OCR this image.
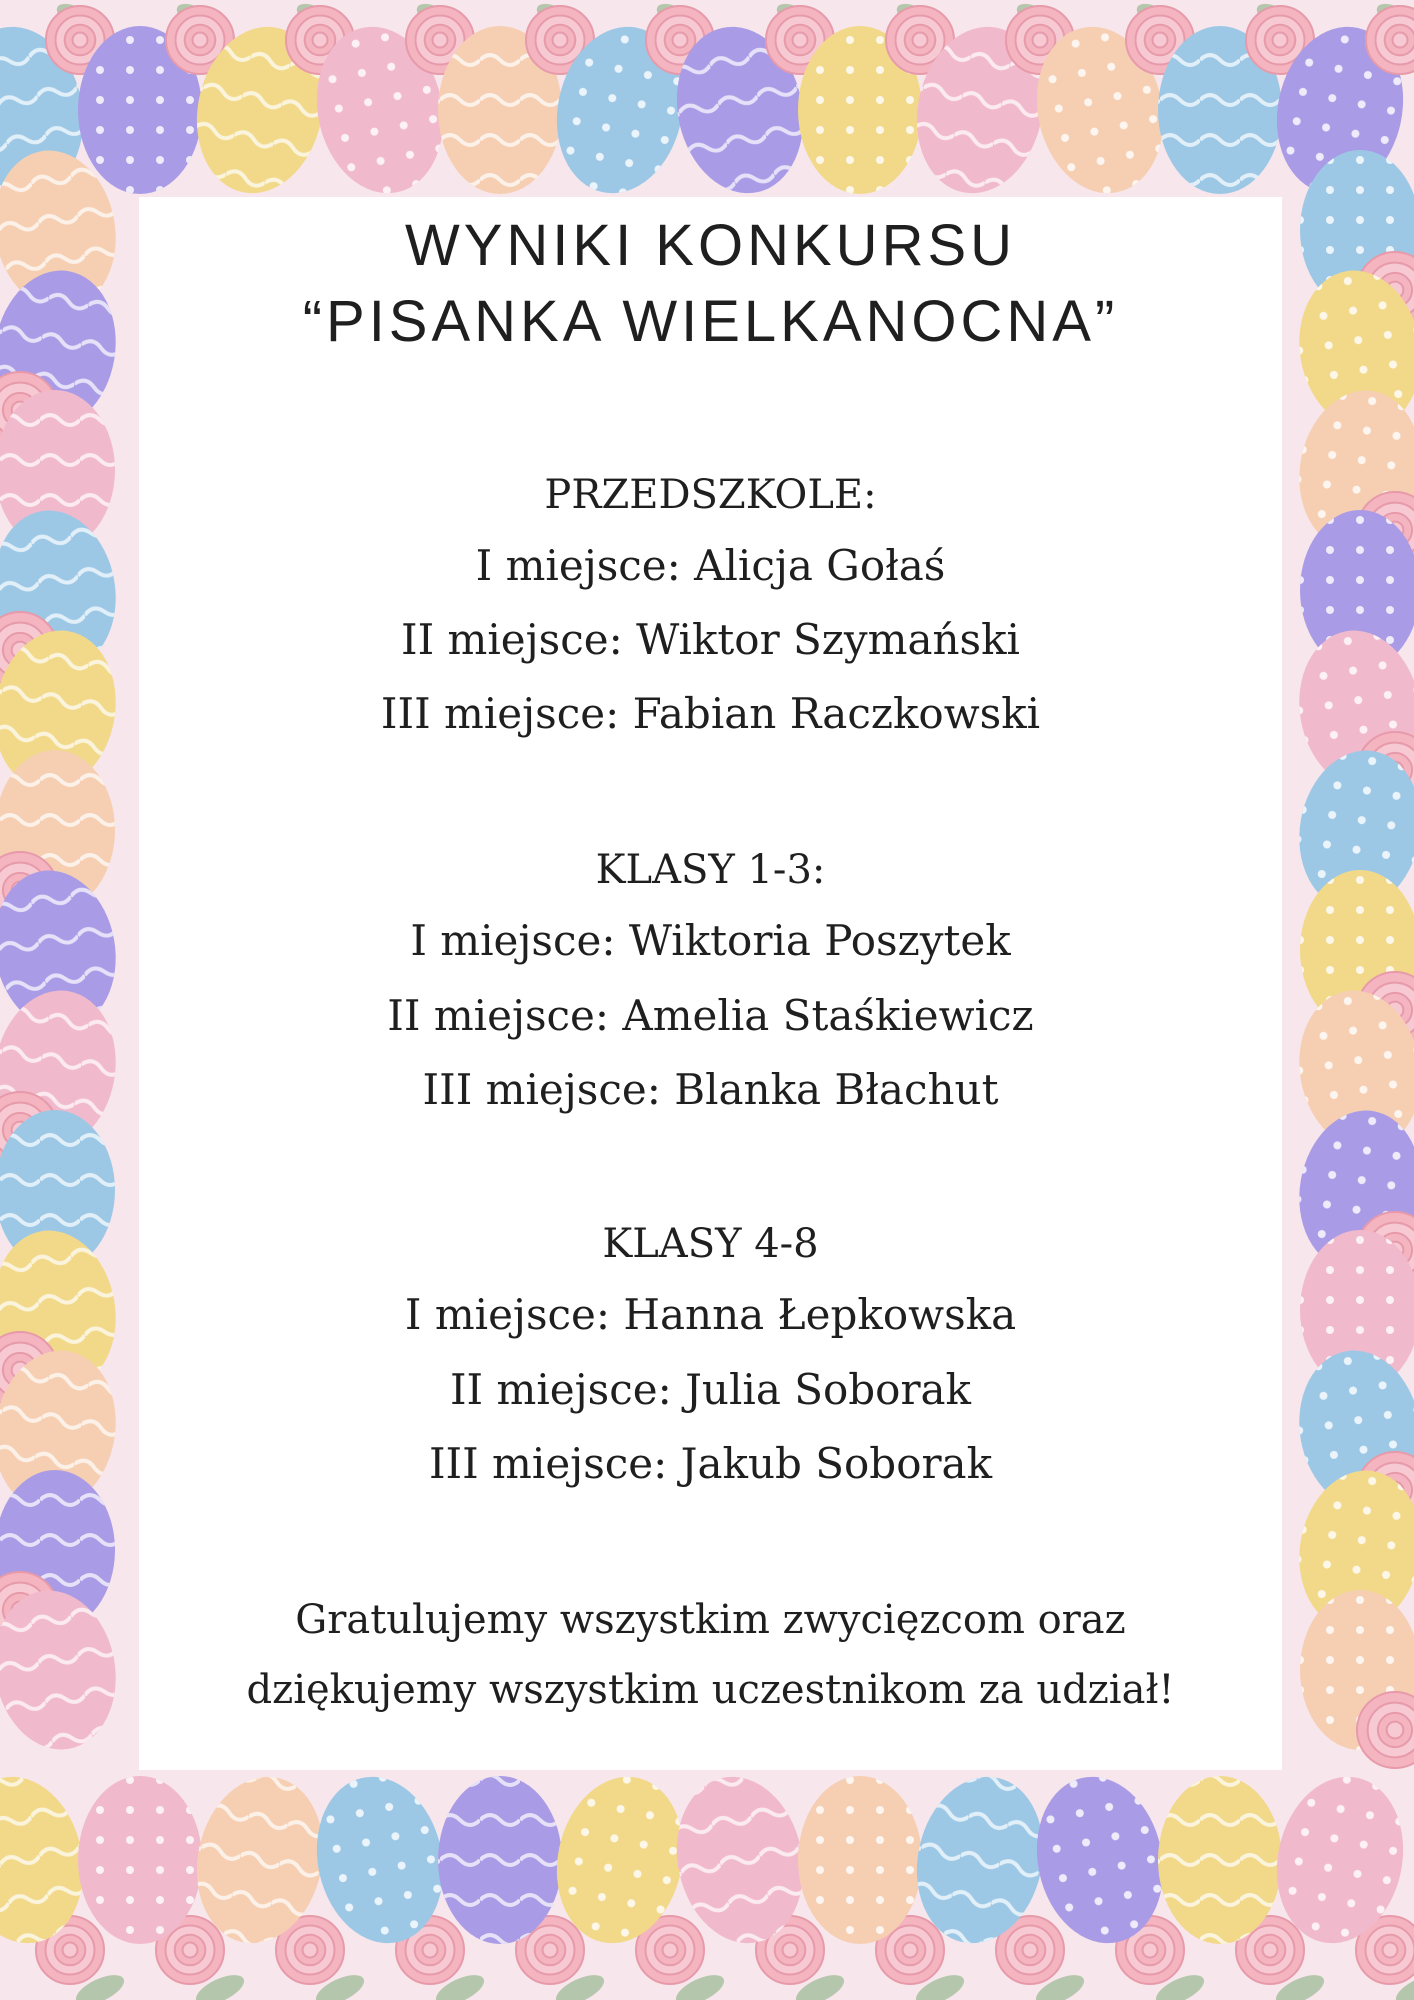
WYNIKI KONKURSU
“PISANKA WIELKANOCNA”
PRZEDSZKOLE:
I miejsce: Alicja Gołaś
II miejsce: Wiktor Szymański
III miejsce: Fabian Raczkowski
KLASY 1-3:
I miejsce: Wiktoria Poszytek
II miejsce: Amelia Staśkiewicz
III miejsce: Blanka Błachut
KLASY 4-8
I miejsce: Hanna Łepkowska
II miejsce: Julia Soborak
III miejsce: Jakub Soborak
Gratulujemy wszystkim zwycięzcom oraz
dziękujemy wszystkim uczestnikom za udział!
